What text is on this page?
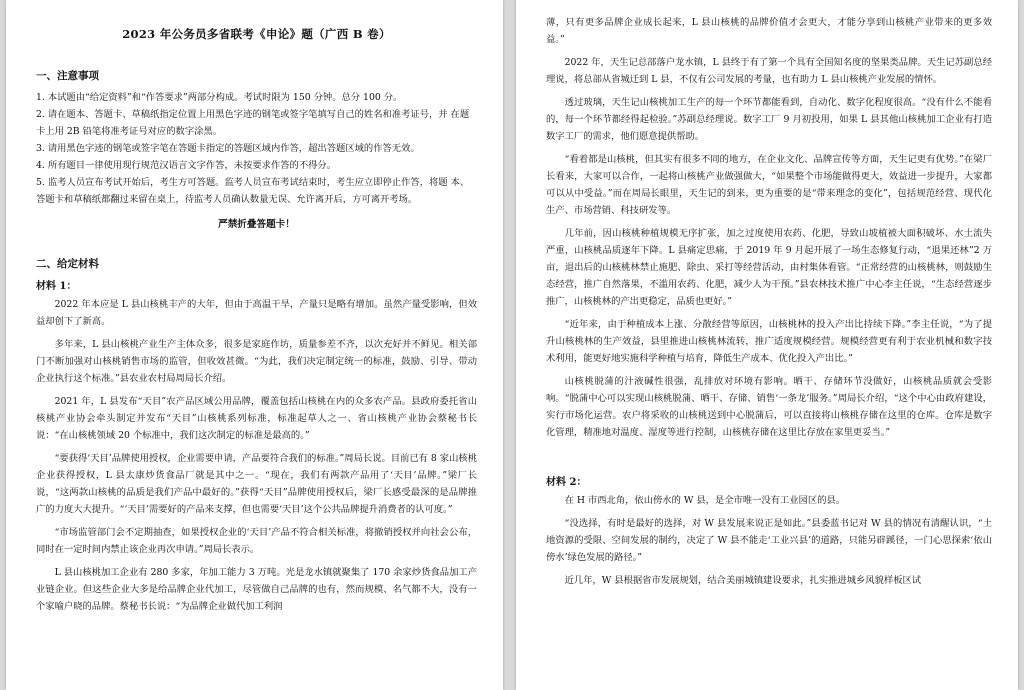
2023 年公务员多省联考《申论》题（广西 B 卷）
一、注意事项

1. 本试题由“给定资料”和“作答要求”两部分构成。考试时限为 150 分钟。总分 100 分。

2. 请在题本、答题卡、草稿纸指定位置上用黑色字迹的钢笔或签字笔填写自己的姓名和准考证号，并 在题卡上用 2B 铅笔将准考证号对应的数字涂黑。

3. 请用黑色字迹的钢笔或签字笔在答题卡指定的答题区域内作答，超出答题区域的作答无效。

4. 所有题目一律使用现行规范汉语言文字作答，未按要求作答的不得分。

5. 监考人员宣布考试开始后，考生方可答题。监考人员宣布考试结束时，考生应立即停止作答，将题 本、答题卡和草稿纸都翻过来留在桌上，待监考人员确认数量无误、允许离开后，方可离开考场。

严禁折叠答题卡！
二、给定材料
材料 1：

2022 年本应是 L 县山核桃丰产的大年，但由于高温干旱，产量只是略有增加。虽然产量受影响，但效益却创下了新高。

多年来，L 县山核桃产业生产主体众多，很多是家庭作坊，质量参差不齐，以次充好并不鲜见。相关部门不断加强对山核桃销售市场的监管，但收效甚微。“为此，我们决定制定统一的标准，鼓励、引导、带动企业执行这个标准。”县农业农村局周局长介绍。

2021 年，L 县发布“天目”农产品区域公用品牌，覆盖包括山核桃在内的众多农产品。县政府委托省山核桃产业协会牵头制定并发布“天目”山核桃系列标准，标准起草人之一、省山核桃产业协会蔡秘书长说：“在山核桃领域 20 个标准中，我们这次制定的标准是最高的。”

“要获得‘天目’品牌使用授权，企业需要申请，产品要符合我们的标准。”周局长说。目前已有 8 家山核桃企业获得授权，L 县太康炒货食品厂就是其中之一。“现在，我们有两款产品用了‘天目’品牌。”梁厂长说，“这两款山核桃的品质是我们产品中最好的。”获得“天目”品牌使用授权后，梁厂长感受最深的是品牌推广的力度大大提升。“‘天目’需要好的产品来支撑，但也需要‘天目’这个公共品牌提升消费者的认可度。”

“市场监管部门会不定期抽查，如果授权企业的‘天目’产品不符合相关标准，将撤销授权并向社会公布，同时在一定时间内禁止该企业再次申请。”周局长表示。

L 县山核桃加工企业有 280 多家，年加工能力 3 万吨。光是龙水镇就聚集了 170 余家炒货食品加工产业链企业。但这些企业大多是给品牌企业代加工，尽管做自己品牌的也有，然而规模、名气都不大，没有一个家喻户晓的品牌。蔡秘书长说：“为品牌企业做代加工利润

薄，只有更多品牌企业成长起来，L 县山核桃的品牌价值才会更大，才能分享到山核桃产业带来的更多效益。”

2022 年，天生记总部落户龙水镇，L 县终于有了第一个具有全国知名度的坚果类品牌。天生记苏副总经理说，将总部从省城迁到 L 县，不仅有公司发展的考量，也有助力 L 县山核桃产业发展的情怀。

透过玻璃，天生记山核桃加工生产的每一个环节都能看到，自动化、数字化程度很高。“没有什么不能看的，每一个环节都经得起检验。”苏副总经理说。数字工厂 9 月初投用，如果 L 县其他山核桃加工企业有打造数字工厂的需求，他们愿意提供帮助。

“看着都是山核桃，但其实有很多不同的地方，在企业文化、品牌宣传等方面，天生记更有优势。”在梁厂长看来，大家可以合作，一起将山核桃产业做强做大，“如果整个市场能做得更大，效益进一步提升，大家都可以从中受益。”而在周局长眼里，天生记的到来，更为重要的是“带来理念的变化”，包括规范经营、现代化生产、市场营销、科技研发等。

几年前，因山核桃种植规模无序扩张，加之过度使用农药、化肥，导致山坡植被大面积破坏、水土流失严重，山核桃品质逐年下降。L 县痛定思痛，于 2019 年 9 月起开展了一场生态修复行动，“退果还林”2 万亩，退出后的山核桃林禁止施肥、除虫、采打等经营活动，由村集体看管。“正常经营的山核桃林，则鼓励生态经营，推广自然落果，不滥用农药、化肥，减少人为干预。”县农林技术推广中心李主任说，“生态经营逐步推广，山核桃林的产出更稳定，品质也更好。”

“近年来，由于种植成本上涨、分散经营等原因，山核桃林的投入产出比持续下降。”李主任说，“为了提升山核桃林的生产效益，县里推进山核桃林流转，推广适度规模经营。规模经营更有利于农业机械和数字技术利用，能更好地实施科学种植与培育，降低生产成本、优化投入产出比。”

山核桃脱蒲的汁液碱性很强，乱排放对环境有影响。晒干、存储环节没做好，山核桃品质就会受影响。“脱蒲中心可以实现山核桃脱蒲、晒干、存储、销售‘一条龙’服务。”周局长介绍，“这个中心由政府建设，实行市场化运营。农户将采收的山核桃送到中心脱蒲后，可以直接将山核桃存储在这里的仓库。仓库是数字化管理，精准地对温度、湿度等进行控制，山核桃存储在这里比存放在家里更妥当。”

材料 2：

在 H 市西北角，依山傍水的 W 县，是全市唯一没有工业园区的县。

“没选择，有时是最好的选择，对 W 县发展来说正是如此。”县委蓝书记对 W 县的情况有清醒认识，“土地资源的受限、空间发展的制约，决定了 W 县不能走‘工业兴县’的道路，只能另辟蹊径，一门心思探索‘依山傍水’绿色发展的路径。”

近几年，W 县根据省市发展规划，结合美丽城镇建设要求，扎实推进城乡风貌样板区试
